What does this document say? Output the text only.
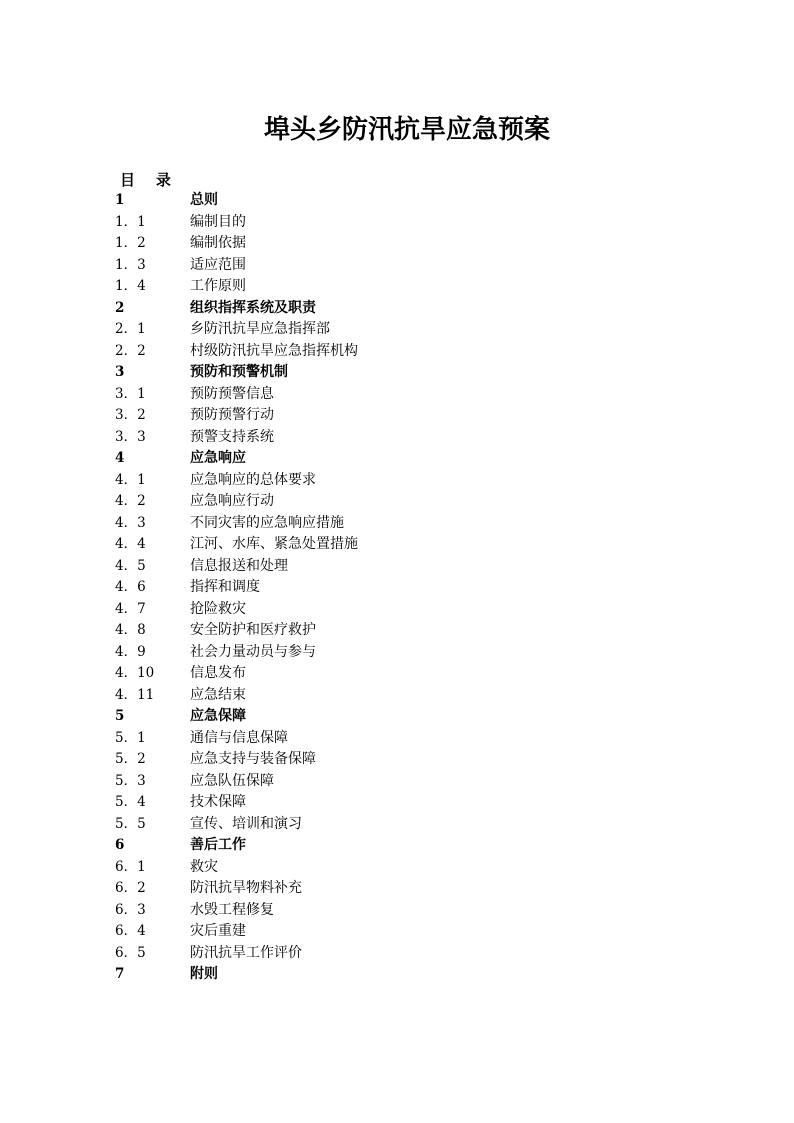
埠头乡防汛抗旱应急预案
目    录
1	总则
1．1	编制目的
1．2	编制依据
1．3	适应范围
1．4	工作原则
2	组织指挥系统及职责
2．1	乡防汛抗旱应急指挥部
2．2	村级防汛抗旱应急指挥机构
3	预防和预警机制
3．1	预防预警信息
3．2	预防预警行动
3．3	预警支持系统
4	应急响应
4．1	应急响应的总体要求
4．2	应急响应行动
4．3	不同灾害的应急响应措施
4．4	江河、水库、紧急处置措施
4．5	信息报送和处理
4．6	指挥和调度
4．7	抢险救灾
4．8	安全防护和医疗救护
4．9	社会力量动员与参与
4．10	信息发布
4．11	应急结束
5	应急保障
5．1	通信与信息保障
5．2	应急支持与装备保障
5．3	应急队伍保障
5．4	技术保障
5．5	宣传、培训和演习
6	善后工作
6．1	救灾
6．2	防汛抗旱物料补充
6．3	水毁工程修复
6．4	灾后重建
6．5	防汛抗旱工作评价
7	附则
